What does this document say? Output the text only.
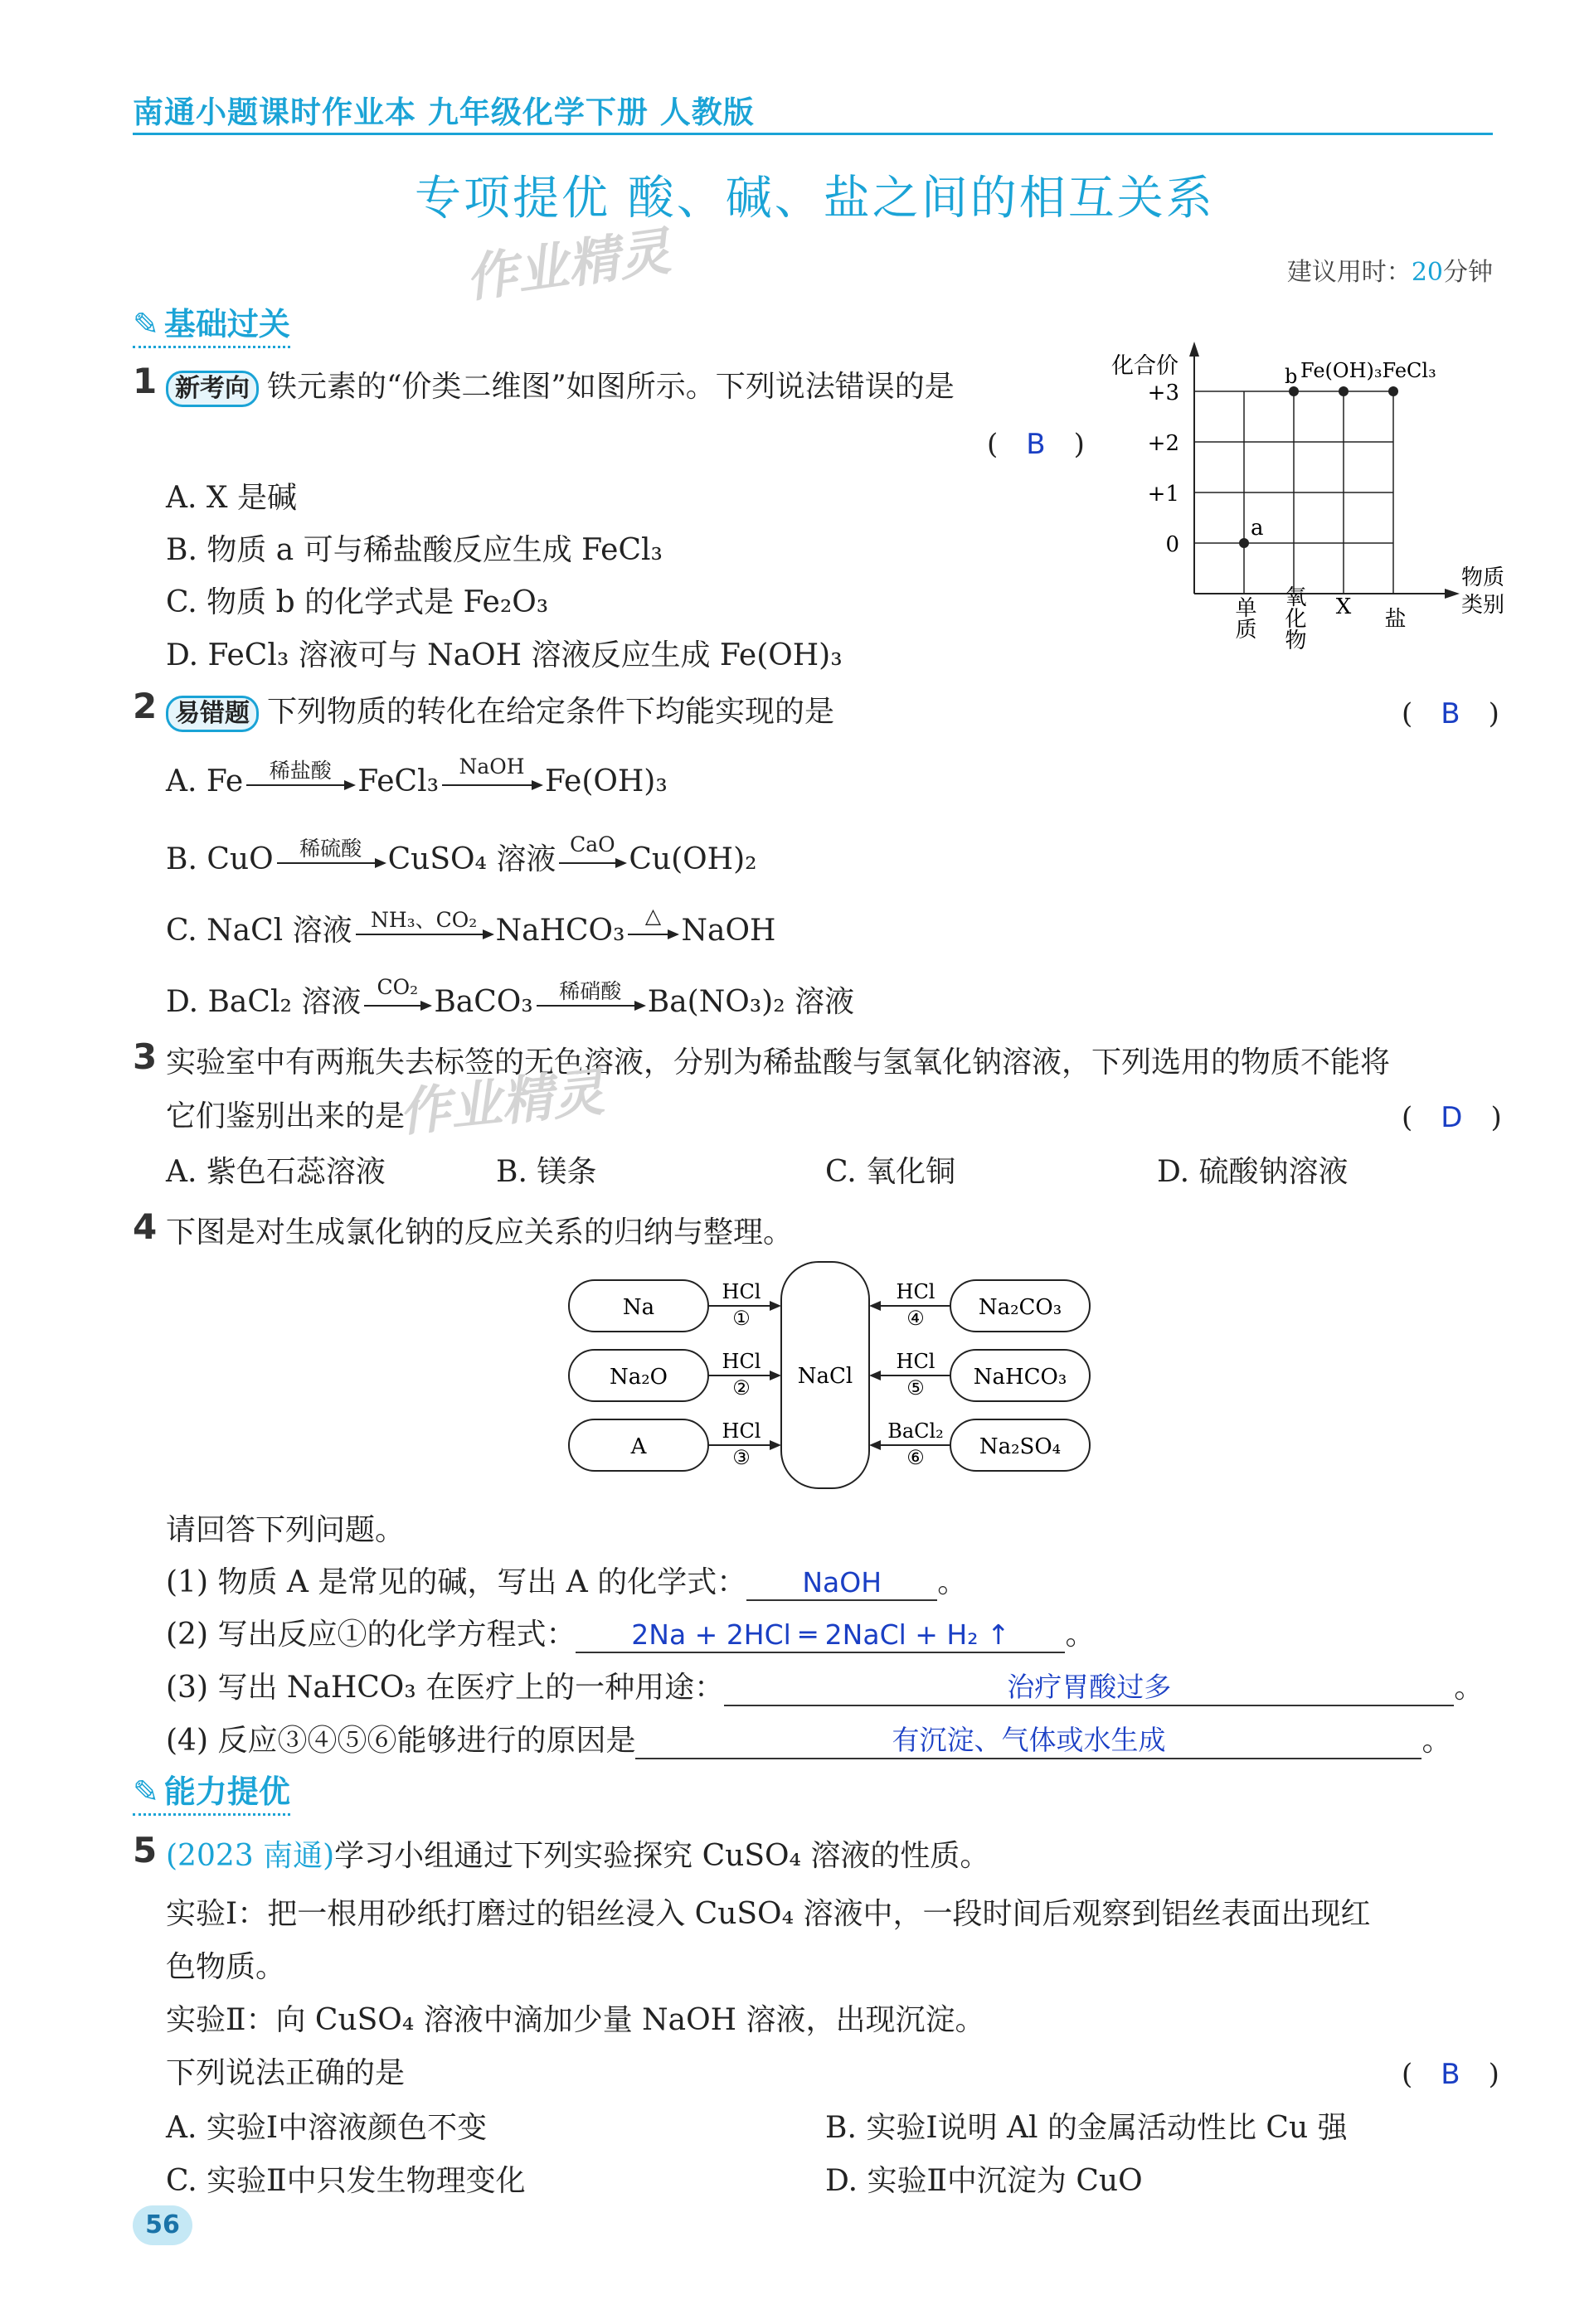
南通小题课时作业本 九年级化学下册 人教版
专项提优 酸、碱、盐之间的相互关系
作业精灵	建议用时：20分钟
✎ 基础过关
1 新考向 铁元素的“价类二维图”如图所示。下列说法错误的是
(　B　)
A. X 是碱
B. 物质 a 可与稀盐酸反应生成 FeCl₃
C. 物质 b 的化学式是 Fe₂O₃
D. FeCl₃ 溶液可与 NaOH 溶液反应生成 Fe(OH)₃
化合价
+3
+2
+1
0
a
b Fe(OH)₃FeCl₃
物质
类别
单质 氧化物 X 盐
2 易错题 下列物质的转化在给定条件下均能实现的是	(　B　)
A. Fe	稀盐酸 FeCl₃ NaOH Fe(OH)₃
B. CuO	稀硫酸 CuSO₄ 溶液 CaO Cu(OH)₂
C. NaCl 溶液 NH₃、CO₂ NaHCO₃ △ NaOH
D. BaCl₂ 溶液 CO₂ BaCO₃	稀硝酸 Ba(NO₃)₂ 溶液
3 实验室中有两瓶失去标签的无色溶液，分别为稀盐酸与氢氧化钠溶液，下列选用的物质不能将
它们鉴别出来的是
作业精灵	(　D　)
A. 紫色石蕊溶液	B. 镁条	C. 氧化铜	D. 硫酸钠溶液
4 下图是对生成氯化钠的反应关系的归纳与整理。
NaCl
Na
Na₂O
A
Na₂CO₃
NaHCO₃
Na₂SO₄
HCl
①
HCl
②
HCl
③
HCl
④
HCl
⑤
BaCl₂
⑥
请回答下列问题。
(1) 物质 A 是常见的碱，写出 A 的化学式： NaOH 。
(2) 写出反应①的化学方程式： 2Na + 2HCl ═ 2NaCl + H₂ ↑ 。
(3) 写出 NaHCO₃ 在医疗上的一种用途：	治疗胃酸过多	。
(4) 反应③④⑤⑥能够进行的原因是	有沉淀、气体或水生成	。
✎ 能力提优
5 (2023 南通)学习小组通过下列实验探究 CuSO₄ 溶液的性质。
实验Ⅰ：把一根用砂纸打磨过的铝丝浸入 CuSO₄ 溶液中，一段时间后观察到铝丝表面出现红
色物质。
实验Ⅱ：向 CuSO₄ 溶液中滴加少量 NaOH 溶液，出现沉淀。
下列说法正确的是	(　B　)
A. 实验Ⅰ中溶液颜色不变	B. 实验Ⅰ说明 Al 的金属活动性比 Cu 强
C. 实验Ⅱ中只发生物理变化	D. 实验Ⅱ中沉淀为 CuO
56
